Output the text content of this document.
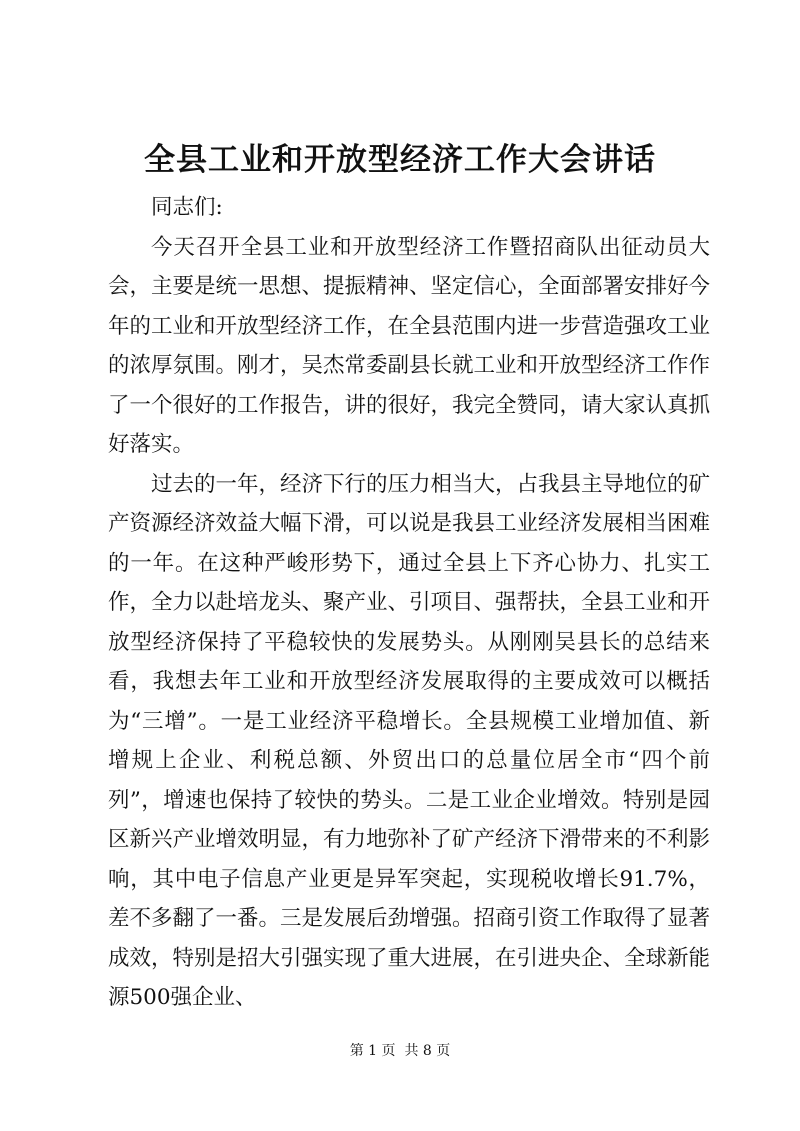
全县工业和开放型经济工作大会讲话

同志们:

今天召开全县工业和开放型经济工作暨招商队出征动员大会，主要是统一思想、提振精神、坚定信心，全面部署安排好今年的工业和开放型经济工作，在全县范围内进一步营造强攻工业的浓厚氛围。刚才，吴杰常委副县长就工业和开放型经济工作作了一个很好的工作报告，讲的很好，我完全赞同，请大家认真抓好落实。

过去的一年，经济下行的压力相当大，占我县主导地位的矿产资源经济效益大幅下滑，可以说是我县工业经济发展相当困难的一年。在这种严峻形势下，通过全县上下齐心协力、扎实工作，全力以赴培龙头、聚产业、引项目、强帮扶，全县工业和开放型经济保持了平稳较快的发展势头。从刚刚吴县长的总结来看，我想去年工业和开放型经济发展取得的主要成效可以概括为“三增”。一是工业经济平稳增长。全县规模工业增加值、新增规上企业、利税总额、外贸出口的总量位居全市“四个前列”，增速也保持了较快的势头。二是工业企业增效。特别是园区新兴产业增效明显，有力地弥补了矿产经济下滑带来的不利影响，其中电子信息产业更是异军突起，实现税收增长91.7%，差不多翻了一番。三是发展后劲增强。招商引资工作取得了显著成效，特别是招大引强实现了重大进展，在引进央企、全球新能源500强企业、

第 1 页  共 8 页
